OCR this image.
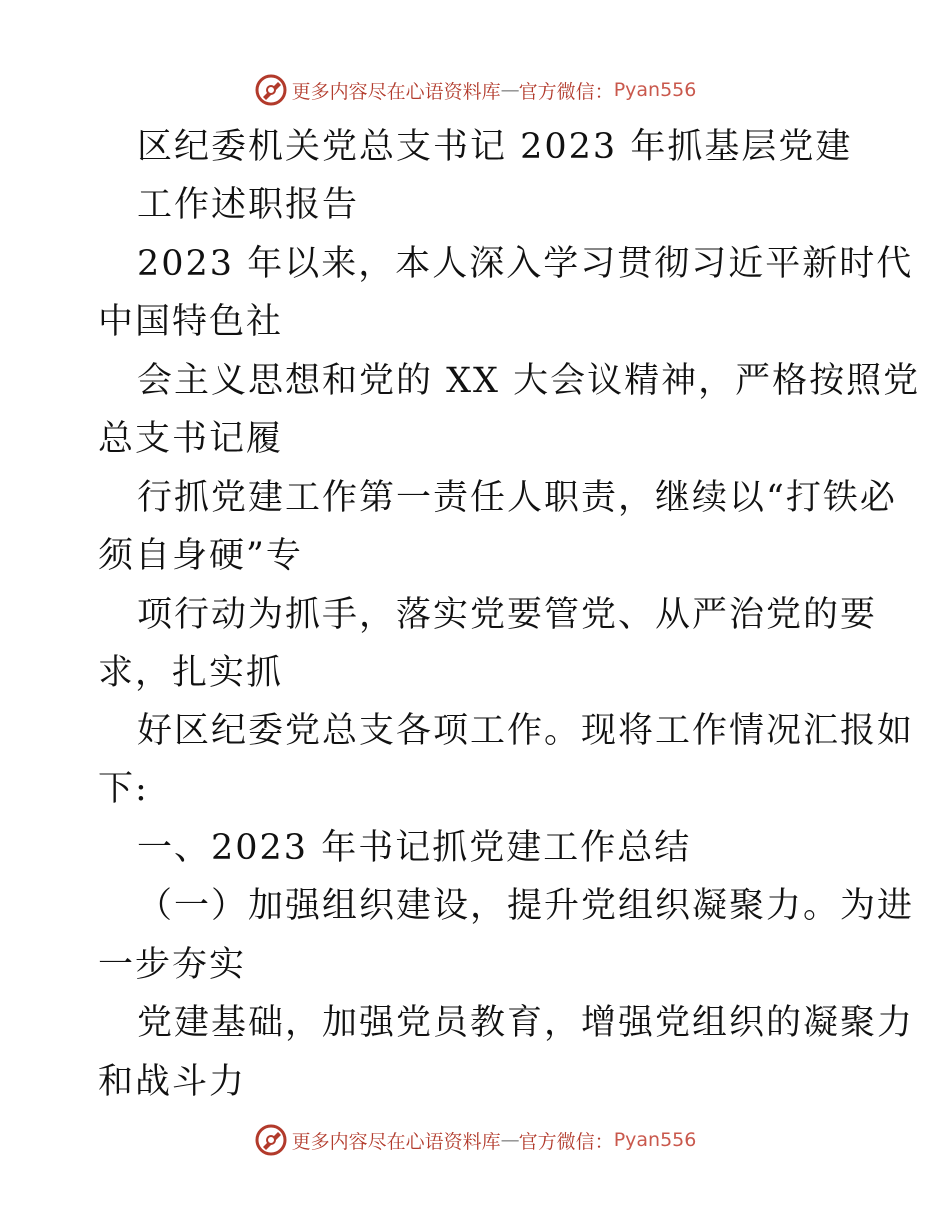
更多内容尽在心语资料库 — 官方微信： Pyan556
区纪委机关党总支书记 2023 年抓基层党建
工作述职报告
2023 年以来，本人深入学习贯彻习近平新时代
中国特色社
会主义思想和党的 XX 大会议精神，严格按照党
总支书记履
行抓党建工作第一责任人职责，继续以“打铁必
须自身硬”专
项行动为抓手，落实党要管党、从严治党的要
求，扎实抓
好区纪委党总支各项工作。现将工作情况汇报如
下:
一、2023 年书记抓党建工作总结
（一）加强组织建设，提升党组织凝聚力。为进
一步夯实
党建基础，加强党员教育，增强党组织的凝聚力
和战斗力
更多内容尽在心语资料库 — 官方微信： Pyan556
